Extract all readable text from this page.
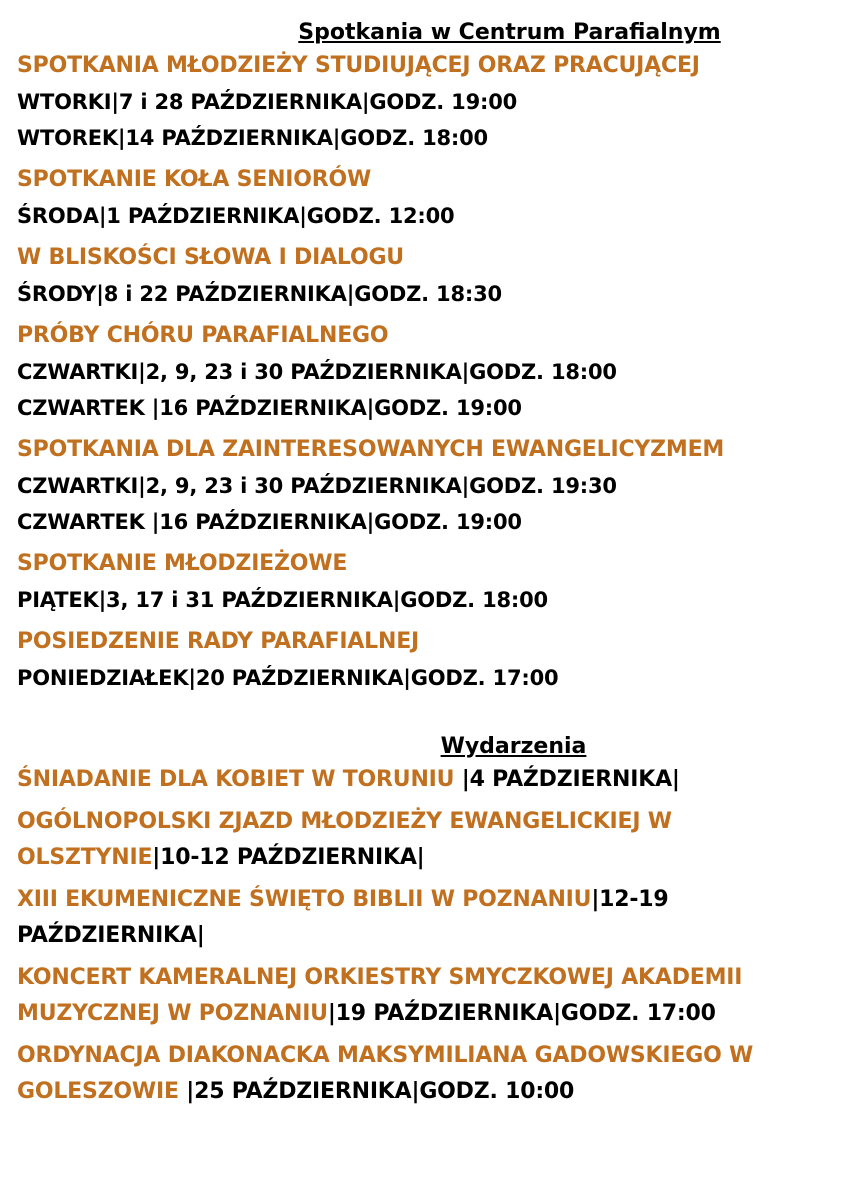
Spotkania w Centrum Parafialnym
SPOTKANIA MŁODZIEŻY STUDIUJĄCEJ ORAZ PRACUJĄCEJ
WTORKI|7 i 28 PAŹDZIERNIKA|GODZ. 19:00
WTOREK|14 PAŹDZIERNIKA|GODZ. 18:00
SPOTKANIE KOŁA SENIORÓW
ŚRODA|1 PAŹDZIERNIKA|GODZ. 12:00
W BLISKOŚCI SŁOWA I DIALOGU
ŚRODY|8 i 22 PAŹDZIERNIKA|GODZ. 18:30
PRÓBY CHÓRU PARAFIALNEGO
CZWARTKI|2, 9, 23 i 30 PAŹDZIERNIKA|GODZ. 18:00
CZWARTEK |16 PAŹDZIERNIKA|GODZ. 19:00
SPOTKANIA DLA ZAINTERESOWANYCH EWANGELICYZMEM
CZWARTKI|2, 9, 23 i 30 PAŹDZIERNIKA|GODZ. 19:30
CZWARTEK |16 PAŹDZIERNIKA|GODZ. 19:00
SPOTKANIE MŁODZIEŻOWE
PIĄTEK|3, 17 i 31 PAŹDZIERNIKA|GODZ. 18:00
POSIEDZENIE RADY PARAFIALNEJ
PONIEDZIAŁEK|20 PAŹDZIERNIKA|GODZ. 17:00
Wydarzenia
ŚNIADANIE DLA KOBIET W TORUNIU |4 PAŹDZIERNIKA|
OGÓLNOPOLSKI ZJAZD MŁODZIEŻY EWANGELICKIEJ W OLSZTYNIE|10-12 PAŹDZIERNIKA|
XIII EKUMENICZNE ŚWIĘTO BIBLII W POZNANIU|12-19 PAŹDZIERNIKA|
KONCERT KAMERALNEJ ORKIESTRY SMYCZKOWEJ AKADEMII MUZYCZNEJ W POZNANIU|19 PAŹDZIERNIKA|GODZ. 17:00
ORDYNACJA DIAKONACKA MAKSYMILIANA GADOWSKIEGO W GOLESZOWIE |25 PAŹDZIERNIKA|GODZ. 10:00
